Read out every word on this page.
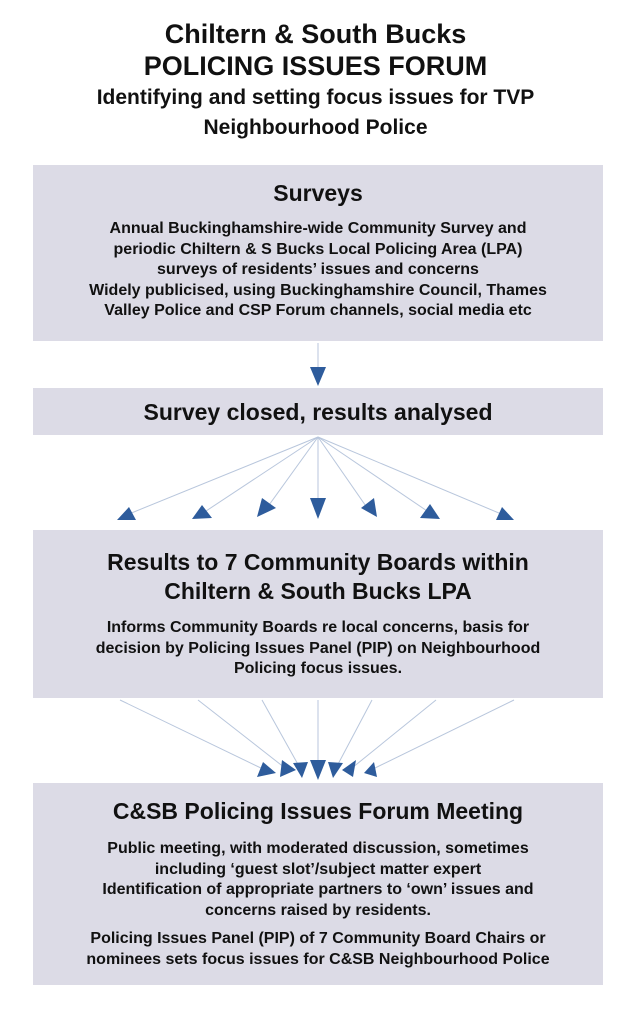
Chiltern & South Bucks
POLICING ISSUES FORUM
Identifying and setting focus issues for TVP
Neighbourhood Police
Surveys
Annual Buckinghamshire-wide Community Survey and
periodic Chiltern & S Bucks Local Policing Area (LPA)
surveys of residents’ issues and concerns
Widely publicised, using Buckinghamshire Council, Thames
Valley Police and CSP Forum channels, social media etc
Survey closed, results analysed
Results to 7 Community Boards within
Chiltern & South Bucks LPA
Informs Community Boards re local concerns, basis for
decision by Policing Issues Panel (PIP) on Neighbourhood
Policing focus issues.
C&SB Policing Issues Forum Meeting
Public meeting, with moderated discussion, sometimes
including ‘guest slot’/subject matter expert
Identification of appropriate partners to ‘own’ issues and
concerns raised by residents.
Policing Issues Panel (PIP) of 7 Community Board Chairs or
nominees sets focus issues for C&SB Neighbourhood Police
